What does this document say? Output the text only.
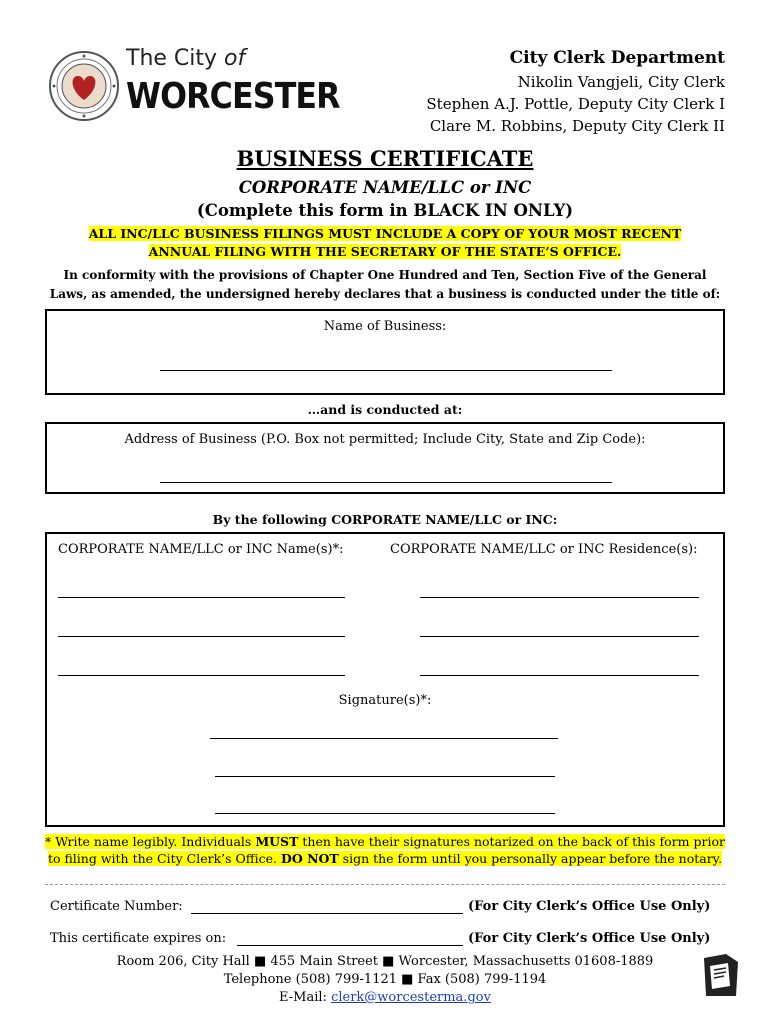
The City of
WORCESTER
City Clerk Department
Nikolin Vangjeli, City Clerk
Stephen A.J. Pottle, Deputy City Clerk I
Clare M. Robbins, Deputy City Clerk II
BUSINESS CERTIFICATE
CORPORATE NAME/LLC or INC
(Complete this form in BLACK IN ONLY)
ALL INC/LLC BUSINESS FILINGS MUST INCLUDE A COPY OF YOUR MOST RECENT
ANNUAL FILING WITH THE SECRETARY OF THE STATE’S OFFICE.
In conformity with the provisions of Chapter One Hundred and Ten, Section Five of the General
Laws, as amended, the undersigned hereby declares that a business is conducted under the title of:
Name of Business:
…and is conducted at:
Address of Business (P.O. Box not permitted; Include City, State and Zip Code):
By the following CORPORATE NAME/LLC or INC:
CORPORATE NAME/LLC or INC Name(s)*:	CORPORATE NAME/LLC or INC Residence(s):
Signature(s)*:
* Write name legibly. Individuals MUST then have their signatures notarized on the back of this form prior
to filing with the City Clerk’s Office. DO NOT sign the form until you personally appear before the notary.
Certificate Number:	(For City Clerk’s Office Use Only)
This certificate expires on:	(For City Clerk’s Office Use Only)
Room 206, City Hall ■ 455 Main Street ■ Worcester, Massachusetts 01608-1889
Telephone (508) 799-1121 ■ Fax (508) 799-1194
E-Mail: clerk@worcesterma.gov
